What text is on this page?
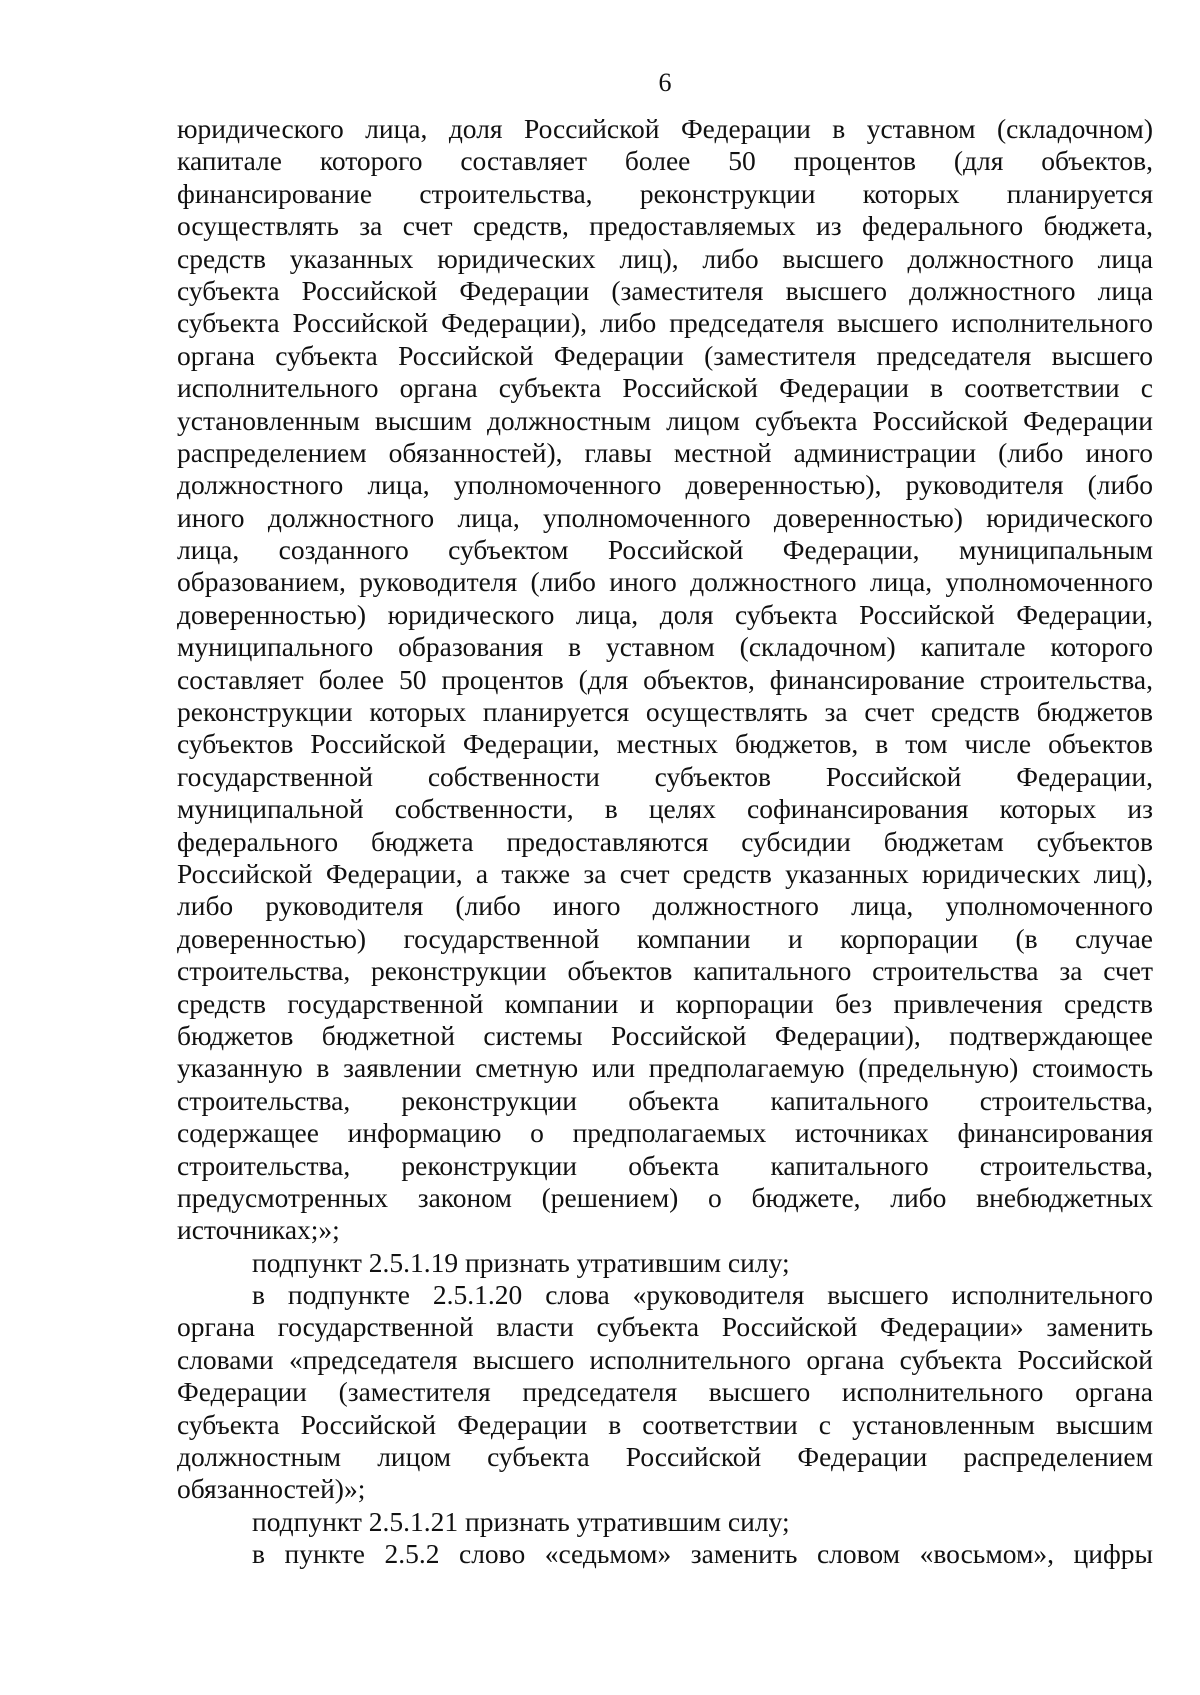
6
юридического лица, доля Российской Федерации в уставном (складочном)
капитале которого составляет более 50 процентов (для объектов,
финансирование строительства, реконструкции которых планируется
осуществлять за счет средств, предоставляемых из федерального бюджета,
средств указанных юридических лиц), либо высшего должностного лица
субъекта Российской Федерации (заместителя высшего должностного лица
субъекта Российской Федерации), либо председателя высшего исполнительного
органа субъекта Российской Федерации (заместителя председателя высшего
исполнительного органа субъекта Российской Федерации в соответствии с
установленным высшим должностным лицом субъекта Российской Федерации
распределением обязанностей), главы местной администрации (либо иного
должностного лица, уполномоченного доверенностью), руководителя (либо
иного должностного лица, уполномоченного доверенностью) юридического
лица, созданного субъектом Российской Федерации, муниципальным
образованием, руководителя (либо иного должностного лица, уполномоченного
доверенностью) юридического лица, доля субъекта Российской Федерации,
муниципального образования в уставном (складочном) капитале которого
составляет более 50 процентов (для объектов, финансирование строительства,
реконструкции которых планируется осуществлять за счет средств бюджетов
субъектов Российской Федерации, местных бюджетов, в том числе объектов
государственной собственности субъектов Российской Федерации,
муниципальной собственности, в целях софинансирования которых из
федерального бюджета предоставляются субсидии бюджетам субъектов
Российской Федерации, а также за счет средств указанных юридических лиц),
либо руководителя (либо иного должностного лица, уполномоченного
доверенностью) государственной компании и корпорации (в случае
строительства, реконструкции объектов капитального строительства за счет
средств государственной компании и корпорации без привлечения средств
бюджетов бюджетной системы Российской Федерации), подтверждающее
указанную в заявлении сметную или предполагаемую (предельную) стоимость
строительства, реконструкции объекта капитального строительства,
содержащее информацию о предполагаемых источниках финансирования
строительства, реконструкции объекта капитального строительства,
предусмотренных законом (решением) о бюджете, либо внебюджетных
источниках;»;
подпункт 2.5.1.19 признать утратившим силу;
в подпункте 2.5.1.20 слова «руководителя высшего исполнительного
органа государственной власти субъекта Российской Федерации» заменить
словами «председателя высшего исполнительного органа субъекта Российской
Федерации (заместителя председателя высшего исполнительного органа
субъекта Российской Федерации в соответствии с установленным высшим
должностным лицом субъекта Российской Федерации распределением
обязанностей)»;
подпункт 2.5.1.21 признать утратившим силу;
в пункте 2.5.2 слово «седьмом» заменить словом «восьмом», цифры
